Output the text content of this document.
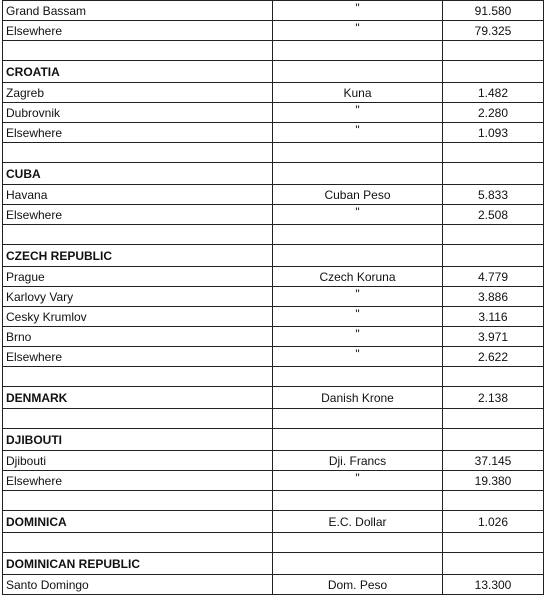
Grand Bassam	"	91.580
Elsewhere	"	79.325

CROATIA		
Zagreb	Kuna	1.482
Dubrovnik	"	2.280
Elsewhere	"	1.093

CUBA		
Havana	Cuban Peso	5.833
Elsewhere	"	2.508

CZECH REPUBLIC		
Prague	Czech Koruna	4.779
Karlovy Vary	"	3.886
Cesky Krumlov	"	3.116
Brno	"	3.971
Elsewhere	"	2.622

DENMARK	Danish Krone	2.138

DJIBOUTI		
Djibouti	Dji. Francs	37.145
Elsewhere	"	19.380

DOMINICA	E.C. Dollar	1.026

DOMINICAN REPUBLIC		
Santo Domingo	Dom. Peso	13.300
